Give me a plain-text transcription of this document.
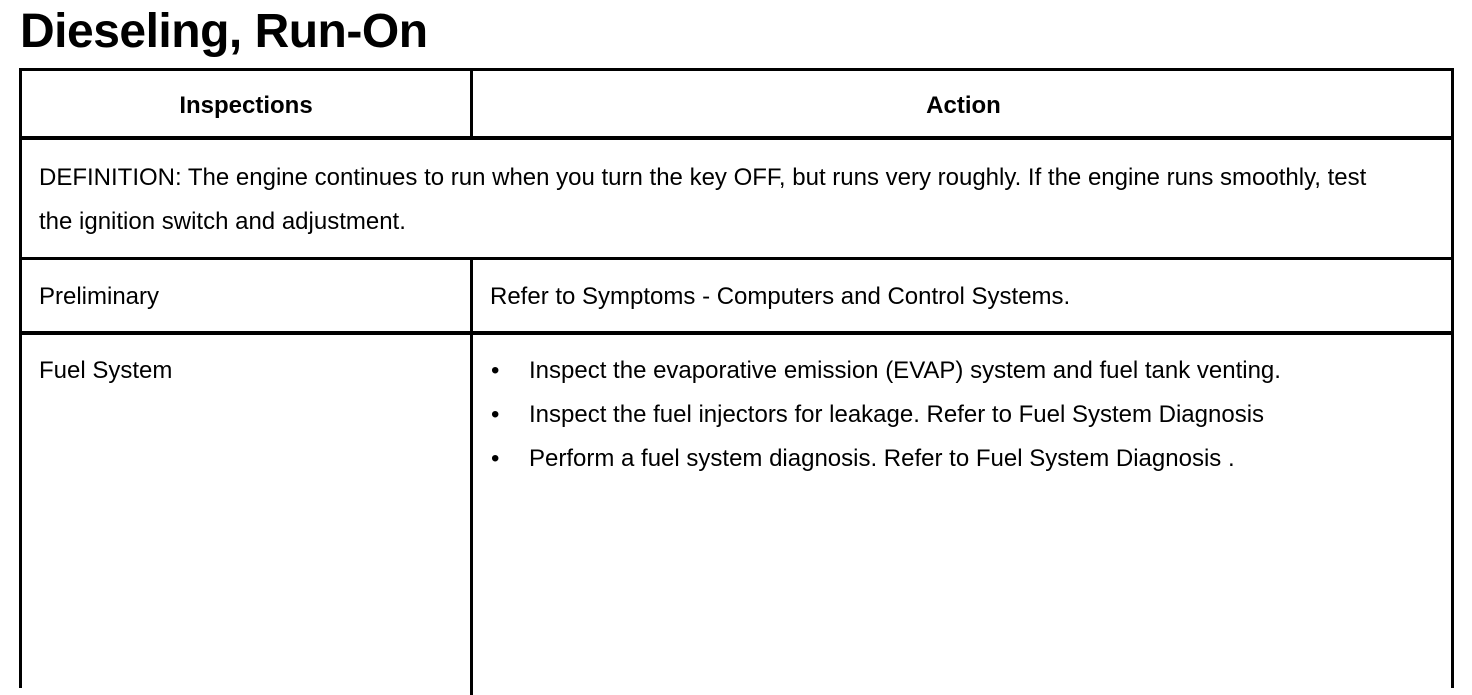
Dieseling, Run-On
Inspections	Action
DEFINITION: The engine continues to run when you turn the key OFF, but runs very roughly. If the engine runs smoothly, test the ignition switch and adjustment.
Preliminary	Refer to Symptoms - Computers and Control Systems.
Fuel System	• Inspect the evaporative emission (EVAP) system and fuel tank venting.
• Inspect the fuel injectors for leakage. Refer to Fuel System Diagnosis
• Perform a fuel system diagnosis. Refer to Fuel System Diagnosis .
